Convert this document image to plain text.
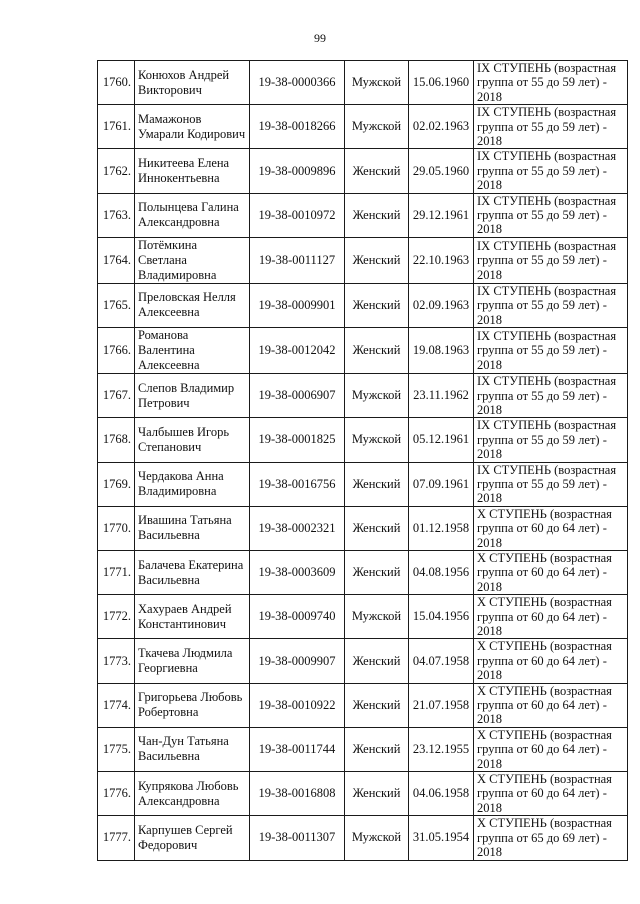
99
1760.	Конюхов Андрей Викторович	19-38-0000366	Мужской	15.06.1960	IX СТУПЕНЬ (возрастная группа от 55 до 59 лет) - 2018
1761.	Мамажонов Умарали Кодирович	19-38-0018266	Мужской	02.02.1963	IX СТУПЕНЬ (возрастная группа от 55 до 59 лет) - 2018
1762.	Никитеева Елена Иннокентьевна	19-38-0009896	Женский	29.05.1960	IX СТУПЕНЬ (возрастная группа от 55 до 59 лет) - 2018
1763.	Полынцева Галина Александровна	19-38-0010972	Женский	29.12.1961	IX СТУПЕНЬ (возрастная группа от 55 до 59 лет) - 2018
1764.	Потёмкина Светлана Владимировна	19-38-0011127	Женский	22.10.1963	IX СТУПЕНЬ (возрастная группа от 55 до 59 лет) - 2018
1765.	Преловская Нелля Алексеевна	19-38-0009901	Женский	02.09.1963	IX СТУПЕНЬ (возрастная группа от 55 до 59 лет) - 2018
1766.	Романова Валентина Алексеевна	19-38-0012042	Женский	19.08.1963	IX СТУПЕНЬ (возрастная группа от 55 до 59 лет) - 2018
1767.	Слепов Владимир Петрович	19-38-0006907	Мужской	23.11.1962	IX СТУПЕНЬ (возрастная группа от 55 до 59 лет) - 2018
1768.	Чалбышев Игорь Степанович	19-38-0001825	Мужской	05.12.1961	IX СТУПЕНЬ (возрастная группа от 55 до 59 лет) - 2018
1769.	Чердакова Анна Владимировна	19-38-0016756	Женский	07.09.1961	IX СТУПЕНЬ (возрастная группа от 55 до 59 лет) - 2018
1770.	Ивашина Татьяна Васильевна	19-38-0002321	Женский	01.12.1958	X СТУПЕНЬ (возрастная группа от 60 до 64 лет) - 2018
1771.	Балачева Екатерина Васильевна	19-38-0003609	Женский	04.08.1956	X СТУПЕНЬ (возрастная группа от 60 до 64 лет) - 2018
1772.	Хахураев Андрей Константинович	19-38-0009740	Мужской	15.04.1956	X СТУПЕНЬ (возрастная группа от 60 до 64 лет) - 2018
1773.	Ткачева Людмила Георгиевна	19-38-0009907	Женский	04.07.1958	X СТУПЕНЬ (возрастная группа от 60 до 64 лет) - 2018
1774.	Григорьева Любовь Робертовна	19-38-0010922	Женский	21.07.1958	X СТУПЕНЬ (возрастная группа от 60 до 64 лет) - 2018
1775.	Чан-Дун Татьяна Васильевна	19-38-0011744	Женский	23.12.1955	X СТУПЕНЬ (возрастная группа от 60 до 64 лет) - 2018
1776.	Купрякова Любовь Александровна	19-38-0016808	Женский	04.06.1958	X СТУПЕНЬ (возрастная группа от 60 до 64 лет) - 2018
1777.	Карпушев Сергей Федорович	19-38-0011307	Мужской	31.05.1954	X СТУПЕНЬ (возрастная группа от 65 до 69 лет) - 2018
